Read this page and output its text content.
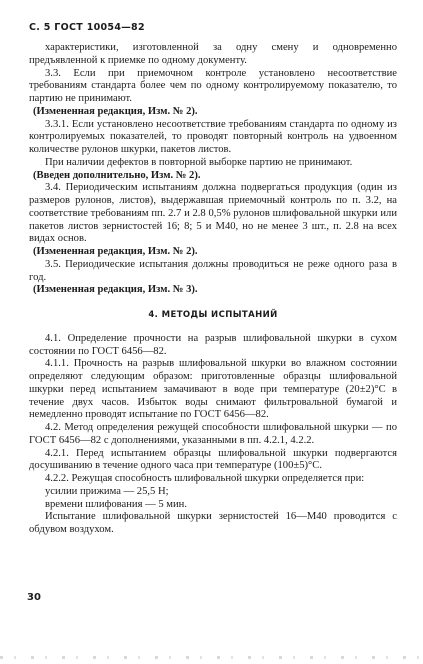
С. 5 ГОСТ 10054—82

характеристики, изготовленной за одну смену и одновременно предъявленной к приемке по одному документу.

3.3. Если при приемочном контроле установлено несоответствие требованиям стандарта более чем по одному контролируемому показателю, то партию не принимают.

(Измененная редакция, Изм. № 2).

3.3.1. Если установлено несоответствие требованиям стандарта по одному из контролируемых показателей, то проводят повторный контроль на удвоенном количестве рулонов шкурки, пакетов листов.

При наличии дефектов в повторной выборке партию не принимают.

(Введен дополнительно, Изм. № 2).

3.4. Периодическим испытаниям должна подвергаться продукция (один из размеров рулонов, листов), выдержавшая приемочный контроль по п. 3.2, на соответствие требованиям пп. 2.7 и 2.8 0,5% рулонов шлифовальной шкурки или пакетов листов зернистостей 16; 8; 5 и М40, но не менее 3 шт., п. 2.8 на всех видах основ.

(Измененная редакция, Изм. № 2).

3.5. Периодические испытания должны проводиться не реже одного раза в год.

(Измененная редакция, Изм. № 3).

4. МЕТОДЫ ИСПЫТАНИЙ

4.1. Определение прочности на разрыв шлифовальной шкурки в сухом состоянии по ГОСТ 6456—82.

4.1.1. Прочность на разрыв шлифовальной шкурки во влажном состоянии определяют следующим образом: приготовленные образцы шлифовальной шкурки перед испытанием замачивают в воде при температуре (20±2)°С в течение двух часов. Избыток воды снимают фильтровальной бумагой и немедленно проводят испытание по ГОСТ 6456—82.

4.2. Метод определения режущей способности шлифовальной шкурки — по ГОСТ 6456—82 с дополнениями, указанными в пп. 4.2.1, 4.2.2.

4.2.1. Перед испытанием образцы шлифовальной шкурки подвергаются досушиванию в течение одного часа при температуре (100±5)°С.

4.2.2. Режущая способность шлифовальной шкурки определяется при:

усилии прижима — 25,5 Н;

времени шлифования — 5 мин.

Испытание шлифовальной шкурки зернистостей 16—М40 проводится с обдувом воздухом.

30
